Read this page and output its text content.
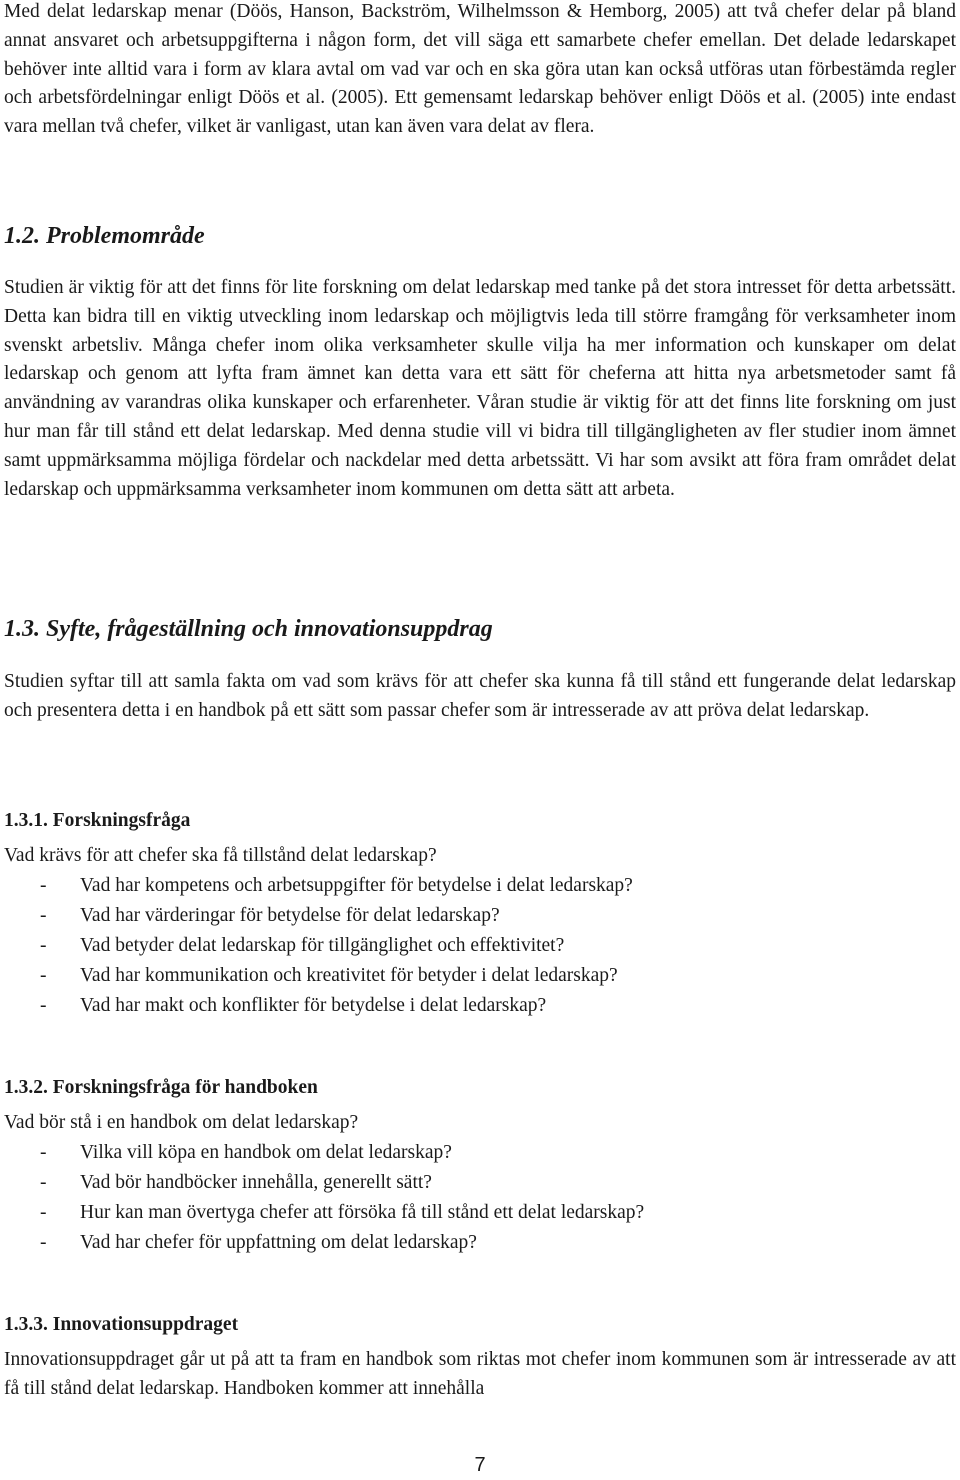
Med delat ledarskap menar (Döös, Hanson, Backström, Wilhelmsson & Hemborg, 2005) att två chefer delar på bland annat ansvaret och arbetsuppgifterna i någon form, det vill säga ett samarbete chefer emellan. Det delade ledarskapet behöver inte alltid vara i form av klara avtal om vad var och en ska göra utan kan också utföras utan förbestämda regler och arbetsfördelningar enligt Döös et al. (2005). Ett gemensamt ledarskap behöver enligt Döös et al. (2005) inte endast vara mellan två chefer, vilket är vanligast, utan kan även vara delat av flera.

1.2. Problemområde

Studien är viktig för att det finns för lite forskning om delat ledarskap med tanke på det stora intresset för detta arbetssätt. Detta kan bidra till en viktig utveckling inom ledarskap och möjligtvis leda till större framgång för verksamheter inom svenskt arbetsliv. Många chefer inom olika verksamheter skulle vilja ha mer information och kunskaper om delat ledarskap och genom att lyfta fram ämnet kan detta vara ett sätt för cheferna att hitta nya arbetsmetoder samt få användning av varandras olika kunskaper och erfarenheter. Våran studie är viktig för att det finns lite forskning om just hur man får till stånd ett delat ledarskap. Med denna studie vill vi bidra till tillgängligheten av fler studier inom ämnet samt uppmärksamma möjliga fördelar och nackdelar med detta arbetssätt. Vi har som avsikt att föra fram området delat ledarskap och uppmärksamma verksamheter inom kommunen om detta sätt att arbeta.

1.3. Syfte, frågeställning och innovationsuppdrag

Studien syftar till att samla fakta om vad som krävs för att chefer ska kunna få till stånd ett fungerande delat ledarskap och presentera detta i en handbok på ett sätt som passar chefer som är intresserade av att pröva delat ledarskap.

1.3.1. Forskningsfråga

Vad krävs för att chefer ska få tillstånd delat ledarskap?

- Vad har kompetens och arbetsuppgifter för betydelse i delat ledarskap?
- Vad har värderingar för betydelse för delat ledarskap?
- Vad betyder delat ledarskap för tillgänglighet och effektivitet?
- Vad har kommunikation och kreativitet för betyder i delat ledarskap?
- Vad har makt och konflikter för betydelse i delat ledarskap?
1.3.2. Forskningsfråga för handboken

Vad bör stå i en handbok om delat ledarskap?

- Vilka vill köpa en handbok om delat ledarskap?
- Vad bör handböcker innehålla, generellt sätt?
- Hur kan man övertyga chefer att försöka få till stånd ett delat ledarskap?
- Vad har chefer för uppfattning om delat ledarskap?
1.3.3. Innovationsuppdraget

Innovationsuppdraget går ut på att ta fram en handbok som riktas mot chefer inom kommunen som är intresserade av att få till stånd delat ledarskap. Handboken kommer att innehålla

7
